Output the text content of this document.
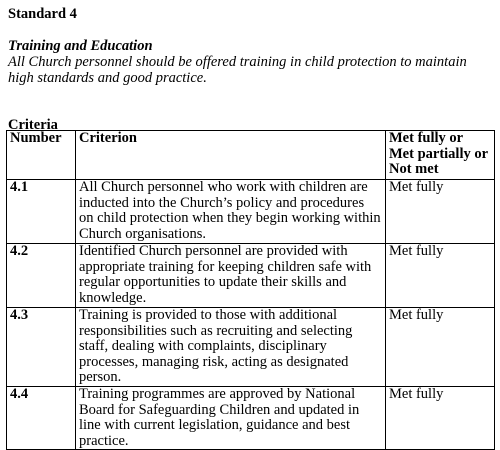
Standard 4
Training and Education

All Church personnel should be offered training in child protection to maintain high standards and good practice.

Criteria
Number	Criterion	Met fully or Met partially or Not met
4.1	All Church personnel who work with children are inducted into the Church’s policy and procedures on child protection when they begin working within Church organisations.	Met fully
4.2	Identified Church personnel are provided with appropriate training for keeping children safe with regular opportunities to update their skills and knowledge.	Met fully
4.3	Training is provided to those with additional responsibilities such as recruiting and selecting staff, dealing with complaints, disciplinary processes, managing risk, acting as designated person.	Met fully
4.4	Training programmes are approved by National Board for Safeguarding Children and updated in line with current legislation, guidance and best practice.	Met fully
